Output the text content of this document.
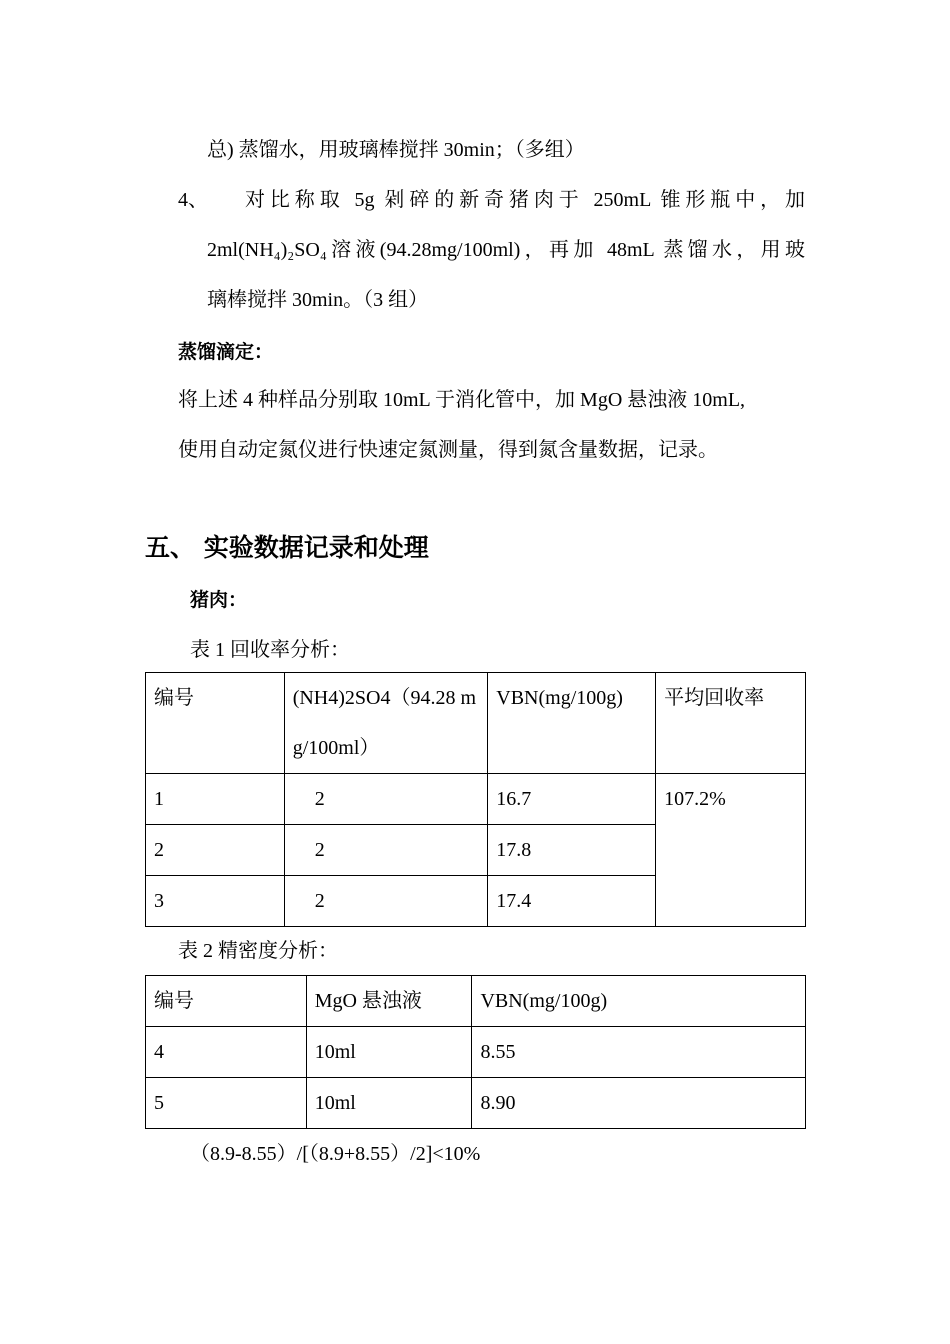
总) 蒸馏水，用玻璃棒搅拌 30min；（多组）
4、 对比称取 5g 剁碎的新奇猪肉于 250mL 锥形瓶中，加
2ml(NH₄)₂SO₄溶液(94.28mg/100ml)，再加 48mL 蒸馏水，用玻
璃棒搅拌 30min。（3 组）
蒸馏滴定：
将上述 4 种样品分别取 10mL 于消化管中，加 MgO 悬浊液 10mL,
使用自动定氮仪进行快速定氮测量，得到氮含量数据，记录。
五、 实验数据记录和处理
猪肉：
表 1 回收率分析：
编号	(NH4)2SO4（94.28 mg/100ml）	VBN(mg/100g)	平均回收率
1	2	16.7	107.2%
2	2	17.8	
3	2	17.4	
表 2 精密度分析：
编号	MgO 悬浊液	VBN(mg/100g)
4	10ml	8.55
5	10ml	8.90
（8.9-8.55）/[（8.9+8.55）/2]<10%
